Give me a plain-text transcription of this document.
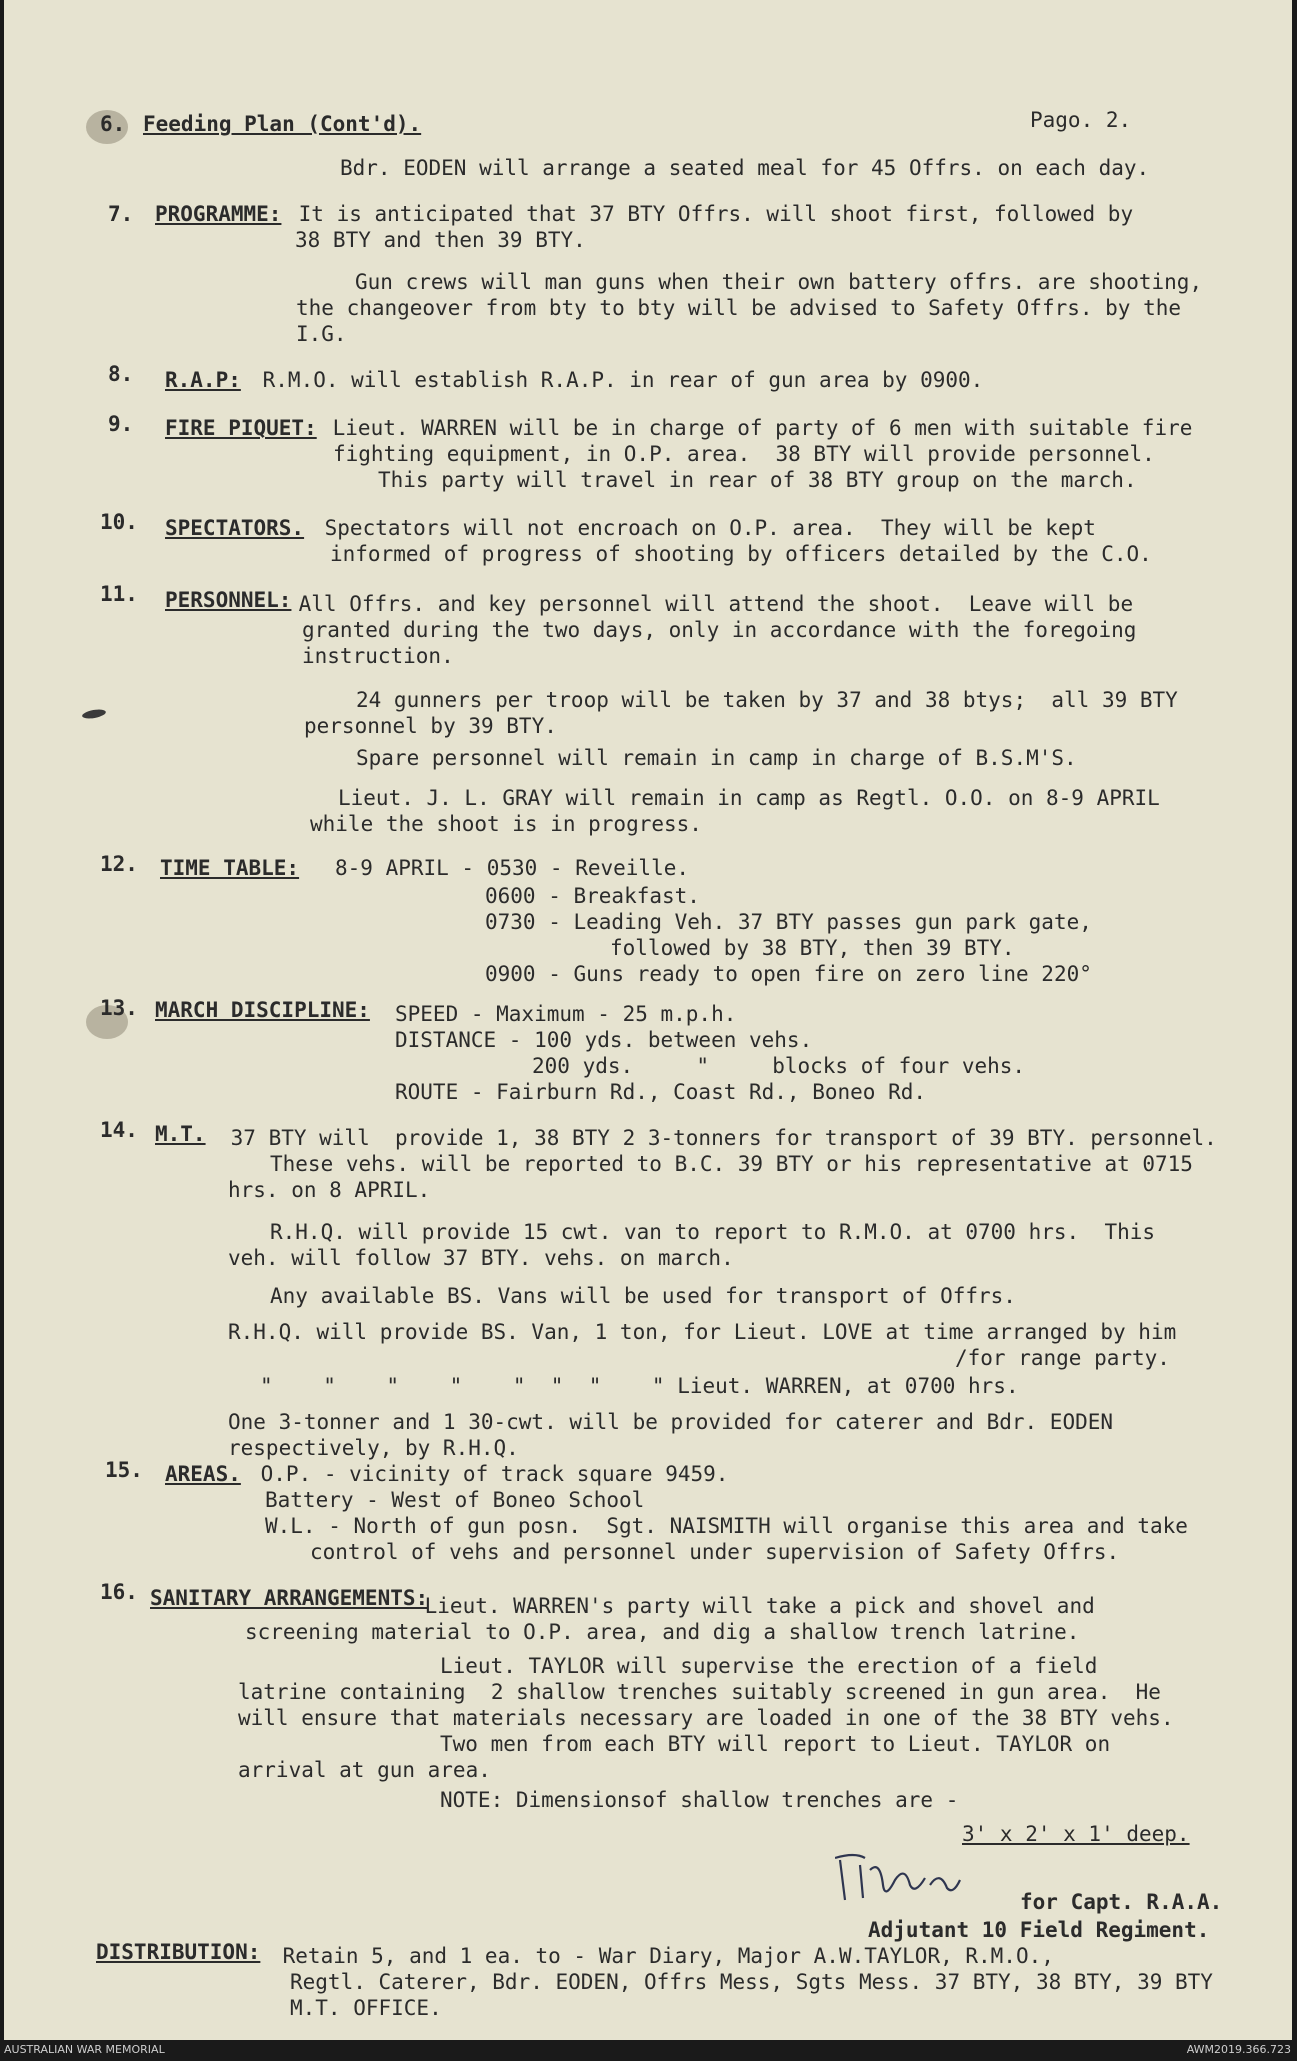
6. Feeding Plan (Cont'd).	Pago. 2.
Bdr. EODEN will arrange a seated meal for 45 Offrs. on each day.
7. PROGRAMME: It is anticipated that 37 BTY Offrs. will shoot first, followed by
38 BTY and then 39 BTY.
Gun crews will man guns when their own battery offrs. are shooting,
the changeover from bty to bty will be advised to Safety Offrs. by the
I.G.
8. R.A.P: R.M.O. will establish R.A.P. in rear of gun area by 0900.
9. FIRE PIQUET: Lieut. WARREN will be in charge of party of 6 men with suitable fire
fighting equipment, in O.P. area.  38 BTY will provide personnel.
This party will travel in rear of 38 BTY group on the march.
10. SPECTATORS. Spectators will not encroach on O.P. area.  They will be kept
informed of progress of shooting by officers detailed by the C.O.
11. PERSONNEL:
All Offrs. and key personnel will attend the shoot.  Leave will be
granted during the two days, only in accordance with the foregoing
instruction.
24 gunners per troop will be taken by 37 and 38 btys;  all 39 BTY
personnel by 39 BTY.
Spare personnel will remain in camp in charge of B.S.M'S.
Lieut. J. L. GRAY will remain in camp as Regtl. O.O. on 8-9 APRIL
while the shoot is in progress.
12. TIME TABLE: 8-9 APRIL - 0530 - Reveille.
0600 - Breakfast.
0730 - Leading Veh. 37 BTY passes gun park gate,
followed by 38 BTY, then 39 BTY.
0900 - Guns ready to open fire on zero line 220°
13. MARCH DISCIPLINE: SPEED - Maximum - 25 m.p.h.
DISTANCE - 100 yds. between vehs.
200 yds.     "     blocks of four vehs.
ROUTE - Fairburn Rd., Coast Rd., Boneo Rd.
14. M.T. 37 BTY will  provide 1, 38 BTY 2 3-tonners for transport of 39 BTY. personnel.
These vehs. will be reported to B.C. 39 BTY or his representative at 0715
hrs. on 8 APRIL.
R.H.Q. will provide 15 cwt. van to report to R.M.O. at 0700 hrs.  This
veh. will follow 37 BTY. vehs. on march.
Any available BS. Vans will be used for transport of Offrs.
R.H.Q. will provide BS. Van, 1 ton, for Lieut. LOVE at time arranged by him
/for range party.
"    "    "    "    "  "  "    " Lieut. WARREN, at 0700 hrs.
One 3-tonner and 1 30-cwt. will be provided for caterer and Bdr. EODEN
respectively, by R.H.Q.
15. AREAS. O.P. - vicinity of track square 9459.
Battery - West of Boneo School
W.L. - North of gun posn.  Sgt. NAISMITH will organise this area and take
control of vehs and personnel under supervision of Safety Offrs.
16. SANITARY ARRANGEMENTS:
Lieut. WARREN's party will take a pick and shovel and
screening material to O.P. area, and dig a shallow trench latrine.
Lieut. TAYLOR will supervise the erection of a field
latrine containing  2 shallow trenches suitably screened in gun area.  He
will ensure that materials necessary are loaded in one of the 38 BTY vehs.
Two men from each BTY will report to Lieut. TAYLOR on
arrival at gun area.
NOTE: Dimensionsof shallow trenches are -
3' x 2' x 1' deep.
for Capt. R.A.A.
Adjutant 10 Field Regiment.
DISTRIBUTION: Retain 5, and 1 ea. to - War Diary, Major A.W.TAYLOR, R.M.O.,
Regtl. Caterer, Bdr. EODEN, Offrs Mess, Sgts Mess. 37 BTY, 38 BTY, 39 BTY
M.T. OFFICE.
AUSTRALIAN WAR MEMORIAL	AWM2019.366.723
